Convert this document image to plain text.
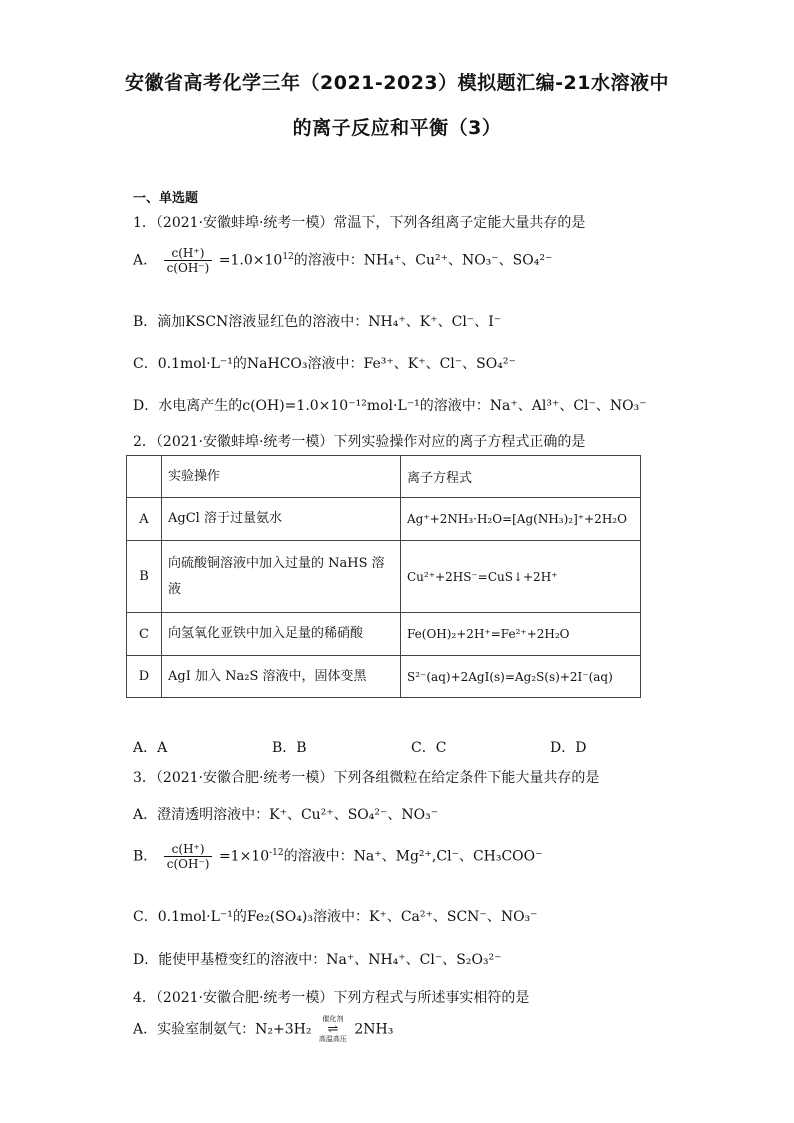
安徽省高考化学三年（2021-2023）模拟题汇编-21水溶液中
的离子反应和平衡（3）
一、单选题
1．（2021·安徽蚌埠·统考一模）常温下，下列各组离子定能大量共存的是
A． $\frac{c(H^+)}{c(OH^-)} =1.0\times 10^{12}$的溶液中：NH₄⁺、Cu²⁺、NO₃⁻、SO₄²⁻
B．滴加KSCN溶液显红色的溶液中：NH₄⁺、K⁺、Cl⁻、I⁻
C．0.1mol·L⁻¹的NaHCO₃溶液中：Fe³⁺、K⁺、Cl⁻、SO₄²⁻
D．水电离产生的c(OH)=1.0×10⁻¹²mol·L⁻¹的溶液中：Na⁺、Al³⁺、Cl⁻、NO₃⁻
2．（2021·安徽蚌埠·统考一模）下列实验操作对应的离子方程式正确的是
	实验操作	离子方程式
A	AgCl 溶于过量氨水	Ag⁺+2NH₃·H₂O=[Ag(NH₃)₂]⁺+2H₂O
B	向硫酸铜溶液中加入过量的 NaHS 溶液	Cu²⁺+2HS⁻=CuS↓+2H⁺
C	向氢氧化亚铁中加入足量的稀硝酸	Fe(OH)₂+2H⁺=Fe²⁺+2H₂O
D	AgI 加入 Na₂S 溶液中，固体变黑	S²⁻(aq)+2AgI(s)=Ag₂S(s)+2I⁻(aq)
A．A	B．B	C．C	D．D
3．（2021·安徽合肥·统考一模）下列各组微粒在给定条件下能大量共存的是
A．澄清透明溶液中：K⁺、Cu²⁺、SO₄²⁻、NO₃⁻
B． $\frac{c(H^+)}{c(OH^-)} =1\times 10^{-12}$的溶液中：Na⁺、Mg²⁺,Cl⁻、CH₃COO⁻
C．0.1mol·L⁻¹的Fe₂(SO₄)₃溶液中：K⁺、Ca²⁺、SCN⁻、NO₃⁻
D．能使甲基橙变红的溶液中：Na⁺、NH₄⁺、Cl⁻、S₂O₃²⁻
4．（2021·安徽合肥·统考一模）下列方程式与所述事实相符的是
A．实验室制氨气：N₂+3H₂
催化剂
⇌
高温高压
2NH₃
